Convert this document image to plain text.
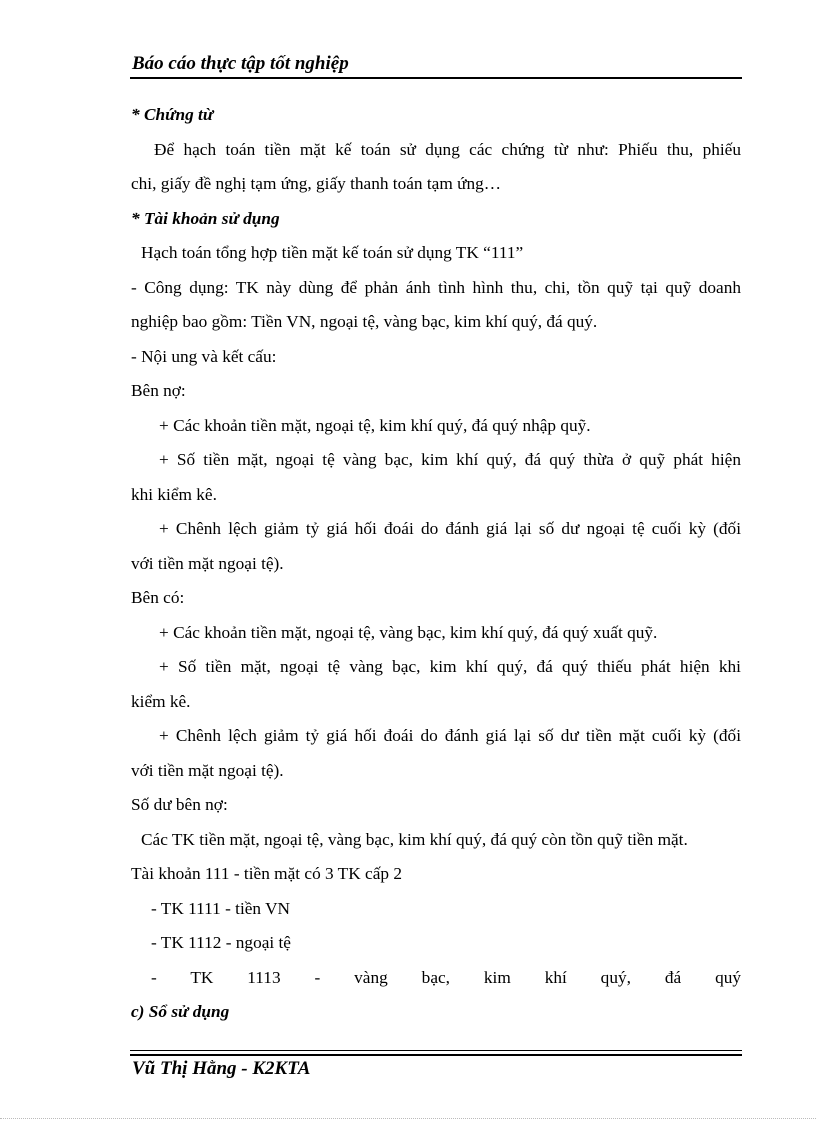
Báo cáo thực tập tốt nghiệp
* Chứng từ
Để hạch toán tiền mặt kế toán sử dụng các chứng từ như: Phiếu thu, phiếu
chi, giấy đề nghị tạm ứng, giấy thanh toán tạm ứng…
* Tài khoản sử dụng
Hạch toán tổng hợp tiền mặt kế toán sử dụng TK “111”
- Công dụng: TK này dùng để phản ánh tình hình thu, chi, tồn quỹ tại quỹ doanh
nghiệp bao gồm: Tiền VN, ngoại tệ, vàng bạc, kim khí quý, đá quý.
- Nội ung và kết cấu:
Bên nợ:
+ Các khoản tiền mặt, ngoại tệ, kim khí quý, đá quý nhập quỹ.
+ Số tiền mặt, ngoại tệ vàng bạc, kim khí quý, đá quý thừa ở quỹ phát hiện
khi kiểm kê.
+ Chênh lệch giảm tỷ giá hối đoái do đánh giá lại số dư ngoại tệ cuối kỳ (đối
với tiền mặt ngoại tệ).
Bên có:
+ Các khoản tiền mặt, ngoại tệ, vàng bạc, kim khí quý, đá quý xuất quỹ.
+ Số tiền mặt, ngoại tệ vàng bạc, kim khí quý, đá quý thiếu phát hiện khi
kiểm kê.
+ Chênh lệch giảm tỷ giá hối đoái do đánh giá lại số dư tiền mặt cuối kỳ (đối
với tiền mặt ngoại tệ).
Số dư bên nợ:
Các TK tiền mặt, ngoại tệ, vàng bạc, kim khí quý, đá quý còn tồn quỹ tiền mặt.
Tài khoản 111 - tiền mặt có 3 TK cấp 2
- TK 1111 - tiền VN
- TK 1112 - ngoại tệ
- TK 1113 - vàng bạc, kim khí quý, đá quý
c) Sổ sử dụng
Vũ Thị Hằng - K2KTA
